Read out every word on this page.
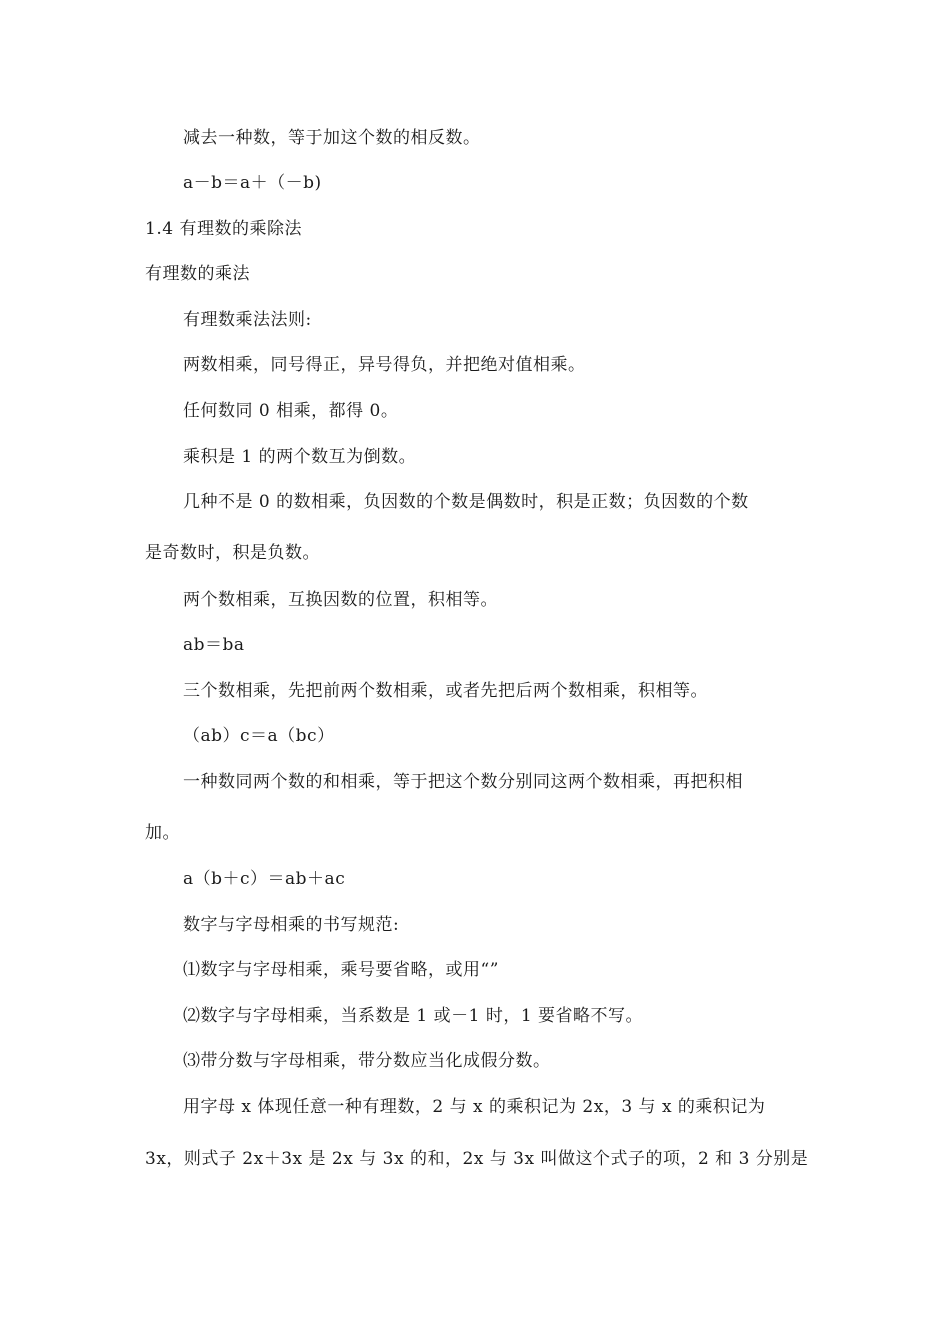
减去一种数，等于加这个数的相反数。
a－b＝a＋（－b)
1.4 有理数的乘除法
有理数的乘法
有理数乘法法则:
两数相乘，同号得正，异号得负，并把绝对值相乘。
任何数同 0 相乘，都得 0。
乘积是 1 的两个数互为倒数。
几种不是 0 的数相乘，负因数的个数是偶数时，积是正数；负因数的个数
是奇数时，积是负数。
两个数相乘，互换因数的位置，积相等。
ab＝ba
三个数相乘，先把前两个数相乘，或者先把后两个数相乘，积相等。
（ab）c＝a（bc）
一种数同两个数的和相乘，等于把这个数分别同这两个数相乘，再把积相
加。
a（b＋c）＝ab＋ac
数字与字母相乘的书写规范:
⑴数字与字母相乘，乘号要省略，或用“”
⑵数字与字母相乘，当系数是 1 或－1 时，1 要省略不写。
⑶带分数与字母相乘，带分数应当化成假分数。
用字母 x 体现任意一种有理数，2 与 x 的乘积记为 2x，3 与 x 的乘积记为
3x，则式子 2x＋3x 是 2x 与 3x 的和，2x 与 3x 叫做这个式子的项，2 和 3 分别是
